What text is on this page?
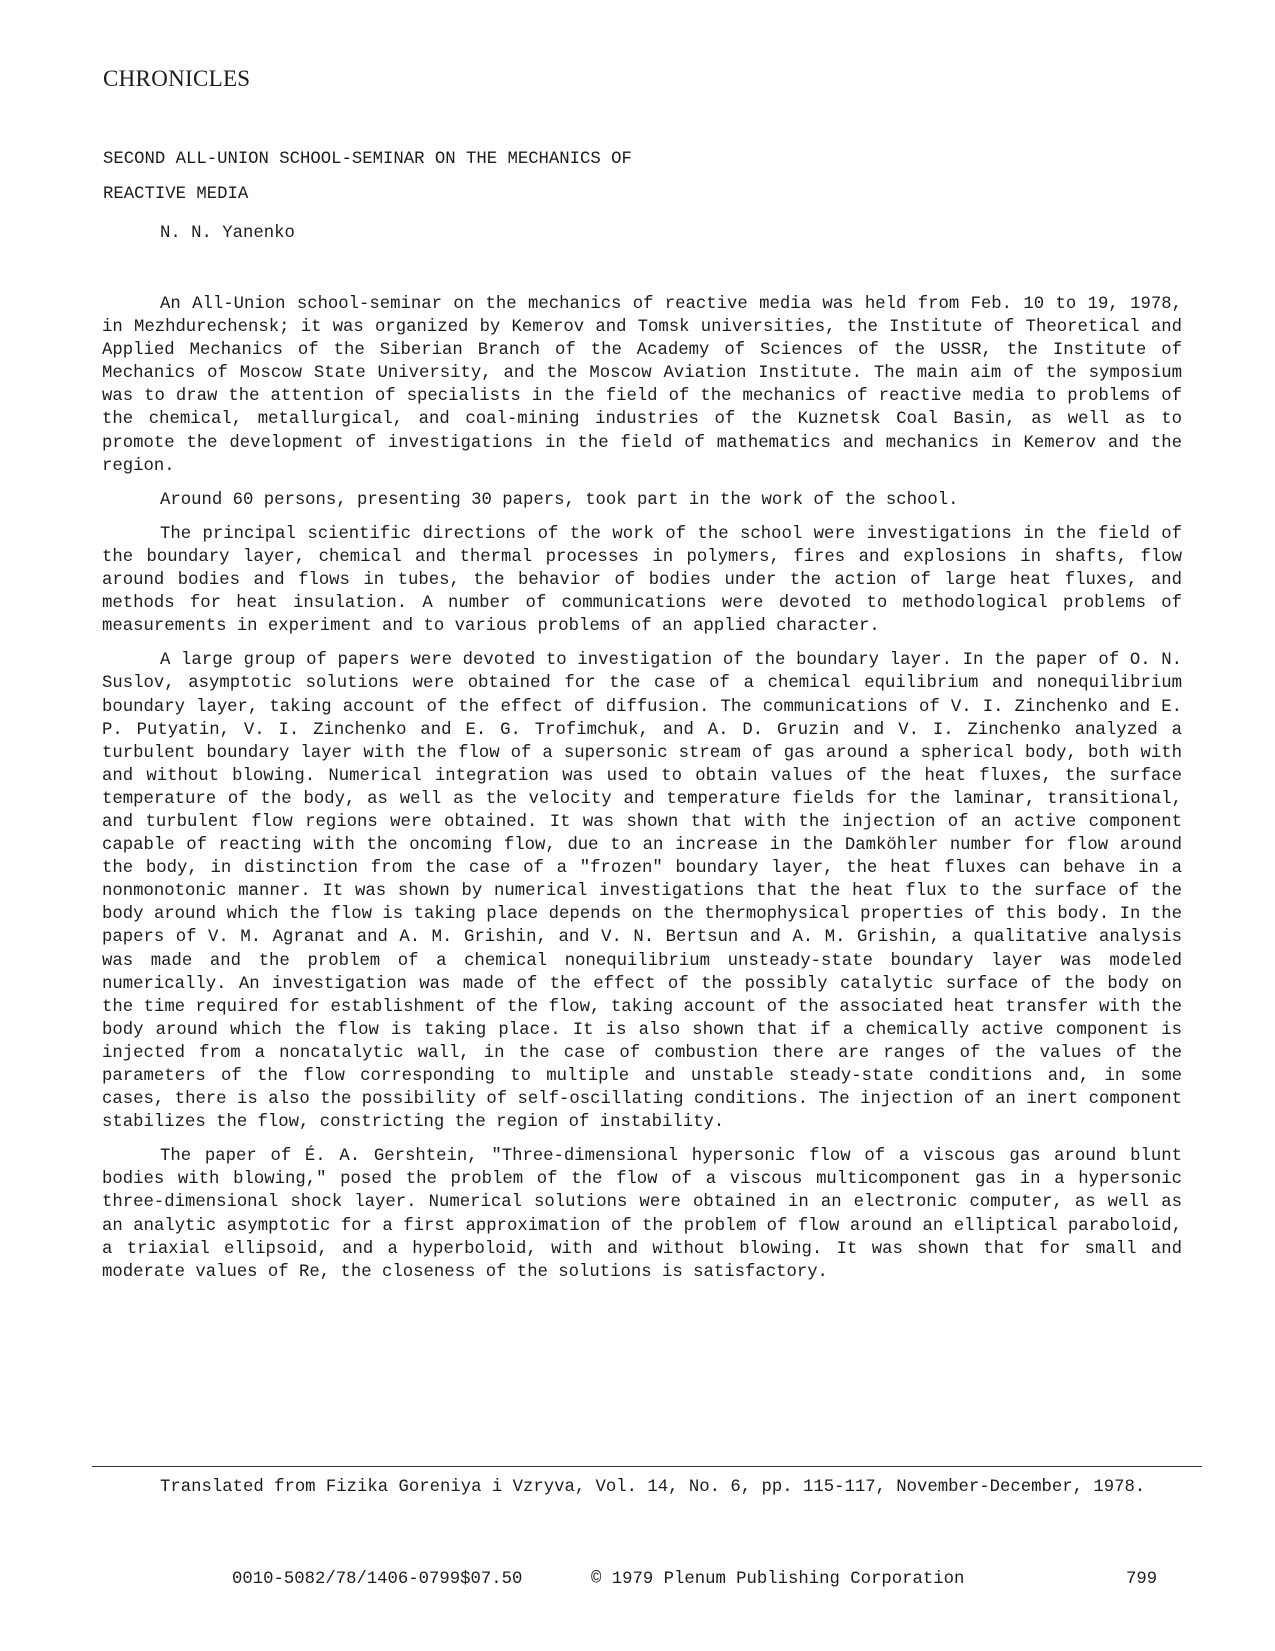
CHRONICLES
SECOND ALL-UNION SCHOOL-SEMINAR ON THE MECHANICS OF
REACTIVE MEDIA
N. N. Yanenko

An All-Union school-seminar on the mechanics of reactive media was held from Feb. 10 to 19, 1978, in Mezhdurechensk; it was organized by Kemerov and Tomsk universities, the Institute of Theoretical and Applied Mechanics of the Siberian Branch of the Academy of Sciences of the USSR, the Institute of Mechanics of Moscow State University, and the Moscow Aviation Institute. The main aim of the symposium was to draw the attention of specialists in the field of the mechanics of reactive media to problems of the chemical, metallurgical, and coal-mining industries of the Kuznetsk Coal Basin, as well as to promote the development of investigations in the field of mathematics and mechanics in Kemerov and the region.

Around 60 persons, presenting 30 papers, took part in the work of the school.

The principal scientific directions of the work of the school were investigations in the field of the boundary layer, chemical and thermal processes in polymers, fires and explosions in shafts, flow around bodies and flows in tubes, the behavior of bodies under the action of large heat fluxes, and methods for heat insulation. A number of communications were devoted to methodological problems of measurements in experiment and to various problems of an applied character.

A large group of papers were devoted to investigation of the boundary layer. In the paper of O. N. Suslov, asymptotic solutions were obtained for the case of a chemical equilibrium and nonequilibrium boundary layer, taking account of the effect of diffusion. The communications of V. I. Zinchenko and E. P. Putyatin, V. I. Zinchenko and E. G. Trofimchuk, and A. D. Gruzin and V. I. Zinchenko analyzed a turbulent boundary layer with the flow of a supersonic stream of gas around a spherical body, both with and without blowing. Numerical integration was used to obtain values of the heat fluxes, the surface temperature of the body, as well as the velocity and temperature fields for the laminar, transitional, and turbulent flow regions were obtained. It was shown that with the injection of an active component capable of reacting with the oncoming flow, due to an increase in the Damköhler number for flow around the body, in distinction from the case of a "frozen" boundary layer, the heat fluxes can behave in a nonmonotonic manner. It was shown by numerical investigations that the heat flux to the surface of the body around which the flow is taking place depends on the thermophysical properties of this body. In the papers of V. M. Agranat and A. M. Grishin, and V. N. Bertsun and A. M. Grishin, a qualitative analysis was made and the problem of a chemical nonequilibrium unsteady-state boundary layer was modeled numerically. An investigation was made of the effect of the possibly catalytic surface of the body on the time required for establishment of the flow, taking account of the associated heat transfer with the body around which the flow is taking place. It is also shown that if a chemically active component is injected from a noncatalytic wall, in the case of combustion there are ranges of the values of the parameters of the flow corresponding to multiple and unstable steady-state conditions and, in some cases, there is also the possibility of self-oscillating conditions. The injection of an inert component stabilizes the flow, constricting the region of instability.

The paper of É. A. Gershtein, "Three-dimensional hypersonic flow of a viscous gas around blunt bodies with blowing," posed the problem of the flow of a viscous multicomponent gas in a hypersonic three-dimensional shock layer. Numerical solutions were obtained in an electronic computer, as well as an analytic asymptotic for a first approximation of the problem of flow around an elliptical paraboloid, a triaxial ellipsoid, and a hyperboloid, with and without blowing. It was shown that for small and moderate values of Re, the closeness of the solutions is satisfactory.

Translated from Fizika Goreniya i Vzryva, Vol. 14, No. 6, pp. 115-117, November-December, 1978.
0010-5082/78/1406-0799$07.50	© 1979 Plenum Publishing Corporation	799
